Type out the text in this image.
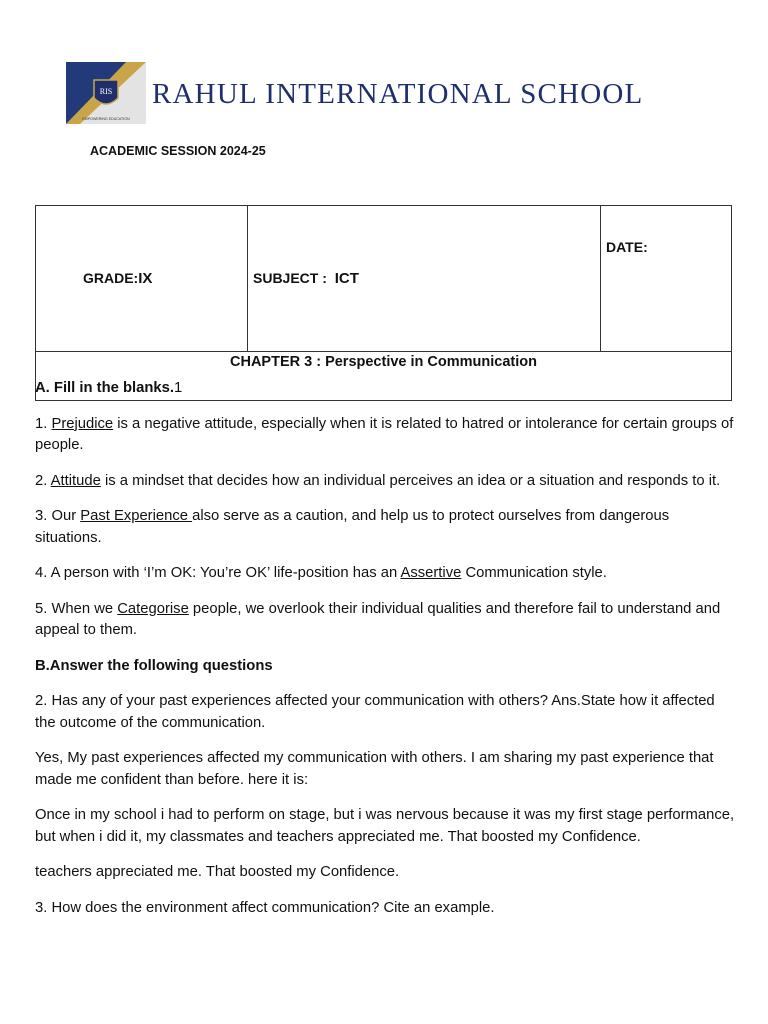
RIS
EMPOWERING EDUCATION
RAHUL INTERNATIONAL SCHOOL
ACADEMIC SESSION 2024-25
GRADE:IX	SUBJECT : ICT	DATE:
CHAPTER 3 : Perspective in Communication

A. Fill in the blanks.1

1. Prejudice is a negative attitude, especially when it is related to hatred or intolerance for certain groups of people.

2. Attitude is a mindset that decides how an individual perceives an idea or a situation and responds to it.

3. Our Past Experience also serve as a caution, and help us to protect ourselves from dangerous situations.

4. A person with ‘I’m OK: You’re OK’ life-position has an Assertive Communication style.

5. When we Categorise people, we overlook their individual qualities and therefore fail to understand and appeal to them.

B.Answer the following questions

2. Has any of your past experiences affected your communication with others? Ans.State how it affected the outcome of the communication.

Yes, My past experiences affected my communication with others. I am sharing my past experience that made me confident than before. here it is:

Once in my school i had to perform on stage, but i was nervous because it was my first stage performance, but when i did it, my classmates and teachers appreciated me. That boosted my Confidence.

teachers appreciated me. That boosted my Confidence.

3. How does the environment affect communication? Cite an example.
